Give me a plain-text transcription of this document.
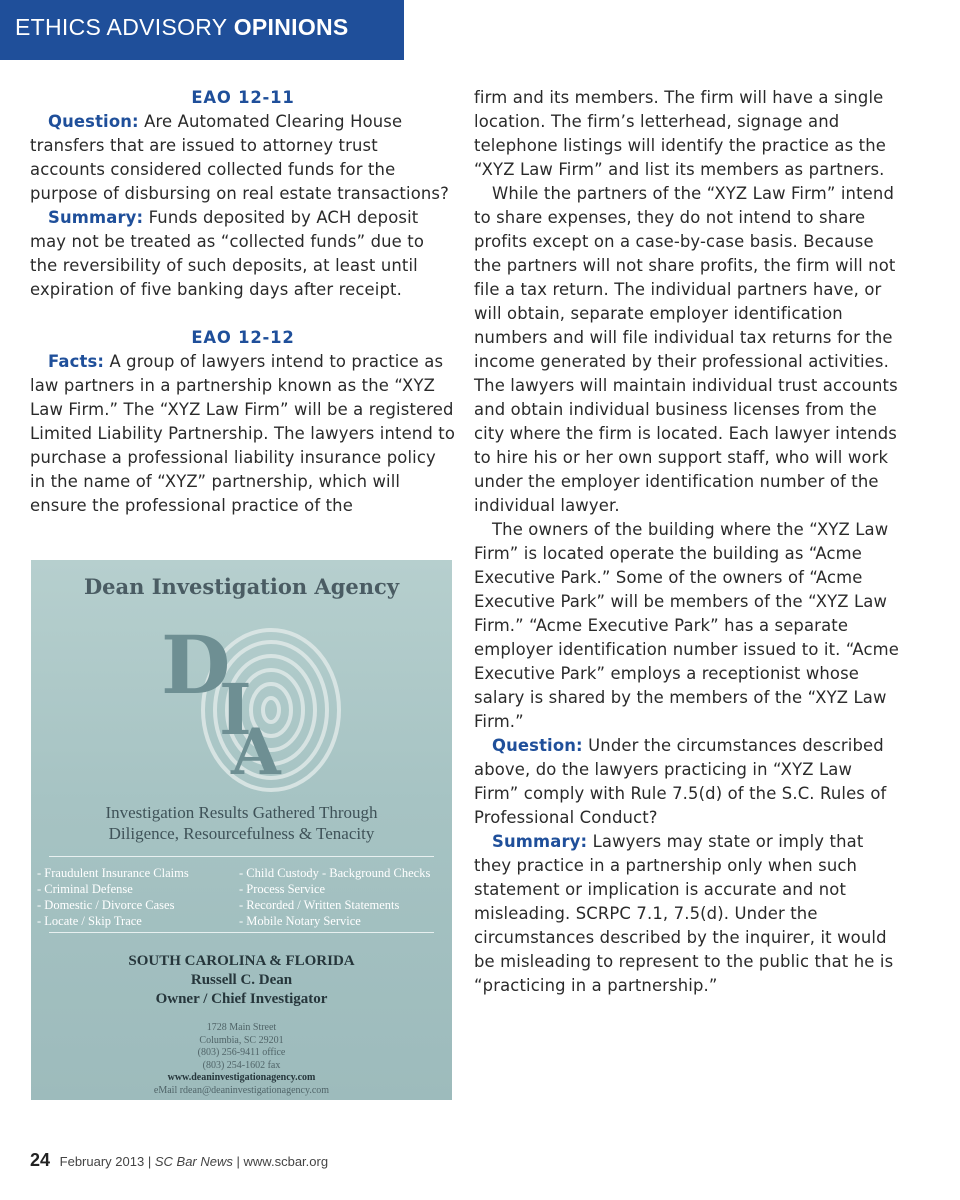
ETHICS ADVISORY OPINIONS

EAO 12-11

Question: Are Automated Clearing House transfers that are issued to attorney trust accounts considered collected funds for the purpose of disbursing on real estate transactions?

Summary: Funds deposited by ACH deposit may not be treated as “collected funds” due to the reversibility of such deposits, at least until expiration of five banking days after receipt.

EAO 12-12

Facts: A group of lawyers intend to practice as law partners in a partnership known as the “XYZ Law Firm.” The “XYZ Law Firm” will be a registered Limited Liability Partnership. The lawyers intend to purchase a professional liability insurance policy in the name of “XYZ” partnership, which will ensure the professional practice of the

firm and its members. The firm will have a single location. The firm’s letterhead, signage and telephone listings will identify the practice as the “XYZ Law Firm” and list its members as partners.

While the partners of the “XYZ Law Firm” intend to share expenses, they do not intend to share profits except on a case-by-case basis. Because the partners will not share profits, the firm will not file a tax return. The individual partners have, or will obtain, separate employer identification numbers and will file individual tax returns for the income generated by their professional activities. The lawyers will maintain individual trust accounts and obtain individual business licenses from the city where the firm is located. Each lawyer intends to hire his or her own support staff, who will work under the employer identification number of the individual lawyer.

The owners of the building where the “XYZ Law Firm” is located operate the building as “Acme Executive Park.” Some of the owners of “Acme Executive Park” will be members of the “XYZ Law Firm.” “Acme Executive Park” has a separate employer identification number issued to it. “Acme Executive Park” employs a receptionist whose salary is shared by the members of the “XYZ Law Firm.”

Question: Under the circumstances described above, do the lawyers practicing in “XYZ Law Firm” comply with Rule 7.5(d) of the S.C. Rules of Professional Conduct?

Summary: Lawyers may state or imply that they practice in a partnership only when such statement or implication is accurate and not misleading. SCRPC 7.1, 7.5(d). Under the circumstances described by the inquirer, it would be misleading to represent to the public that he is “practicing in a partnership.”

Dean Investigation Agency
D
I
A
Investigation Results Gathered Through
Diligence, Resourcefulness & Tenacity
- Fraudulent Insurance Claims
- Criminal Defense
- Domestic / Divorce Cases
- Locate / Skip Trace
- Child Custody - Background Checks
- Process Service
- Recorded / Written Statements
- Mobile Notary Service
SOUTH CAROLINA & FLORIDA
Russell C. Dean
Owner / Chief Investigator
1728 Main Street
Columbia, SC 29201
(803) 256-9411 office
(803) 254-1602 fax
www.deaninvestigationagency.com
eMail rdean@deaninvestigationagency.com
24 February 2013 | SC Bar News | www.scbar.org
